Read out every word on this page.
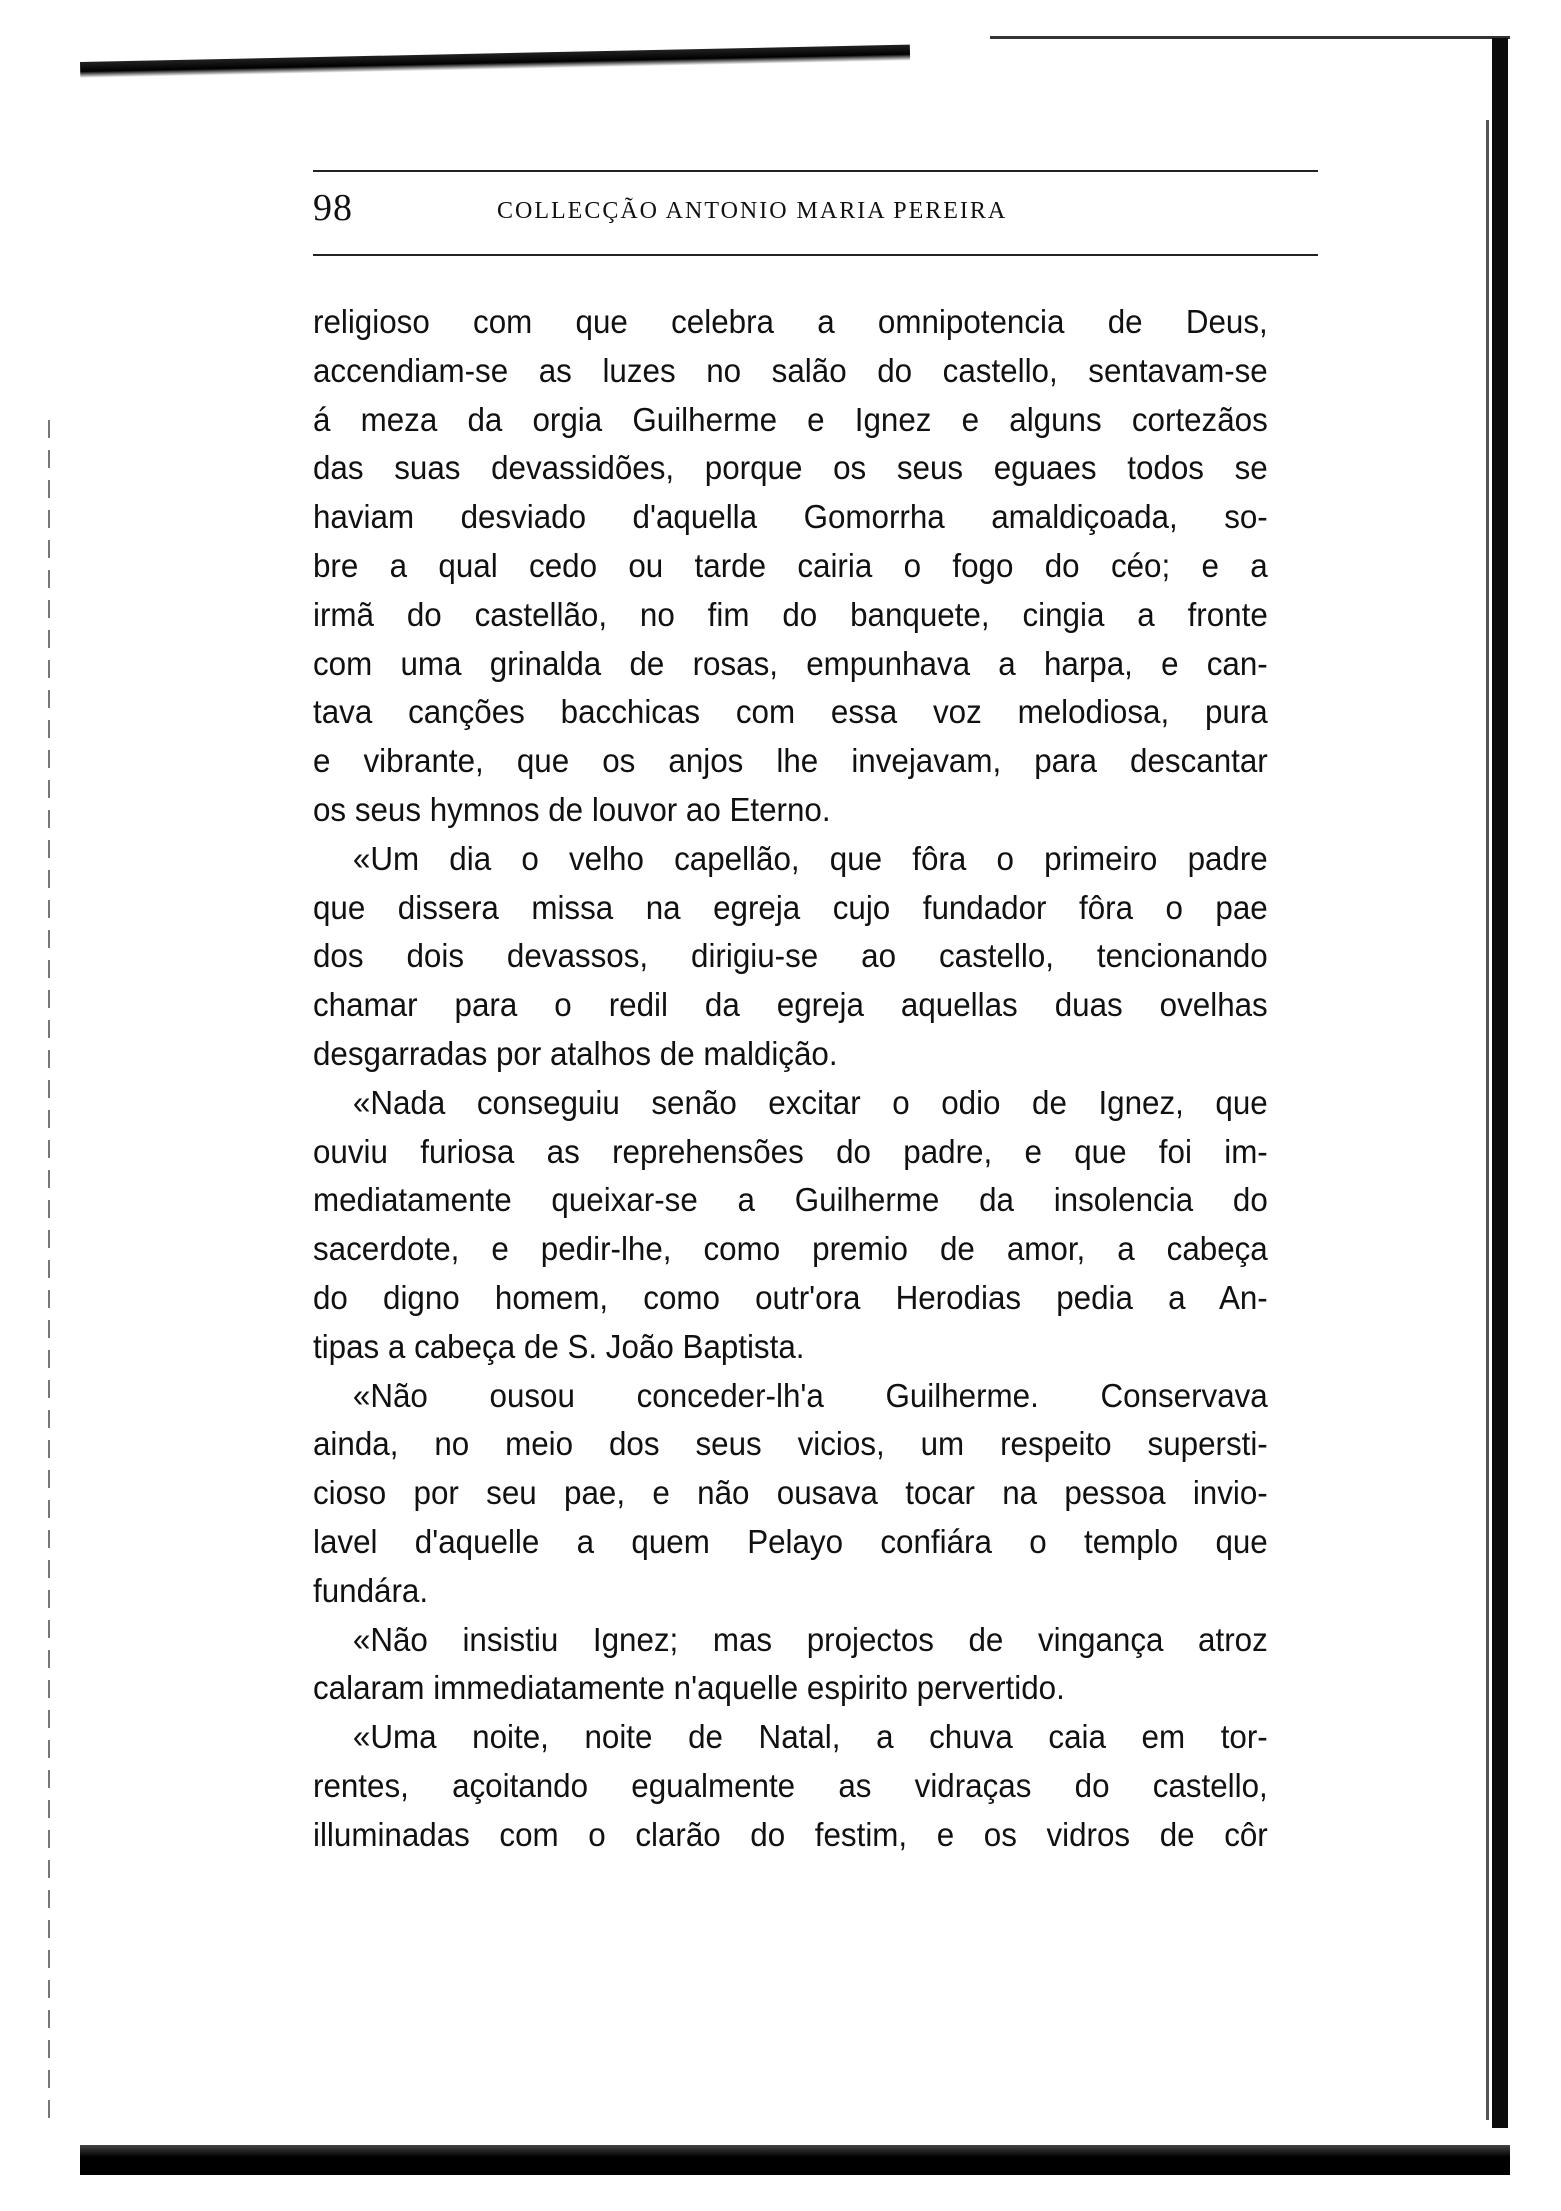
98	COLLECÇÃO ANTONIO MARIA PEREIRA
religioso com que celebra a omnipotencia de Deus,
accendiam-se as luzes no salão do castello, sentavam-se
á meza da orgia Guilherme e Ignez e alguns cortezãos
das suas devassidões, porque os seus eguaes todos se
haviam desviado d'aquella Gomorrha amaldiçoada, so-
bre a qual cedo ou tarde cairia o fogo do céo; e a
irmã do castellão, no fim do banquete, cingia a fronte
com uma grinalda de rosas, empunhava a harpa, e can-
tava canções bacchicas com essa voz melodiosa, pura
e vibrante, que os anjos lhe invejavam, para descantar
os seus hymnos de louvor ao Eterno.
«Um dia o velho capellão, que fôra o primeiro padre
que dissera missa na egreja cujo fundador fôra o pae
dos dois devassos, dirigiu-se ao castello, tencionando
chamar para o redil da egreja aquellas duas ovelhas
desgarradas por atalhos de maldição.
«Nada conseguiu senão excitar o odio de Ignez, que
ouviu furiosa as reprehensões do padre, e que foi im-
mediatamente queixar-se a Guilherme da insolencia do
sacerdote, e pedir-lhe, como premio de amor, a cabeça
do digno homem, como outr'ora Herodias pedia a An-
tipas a cabeça de S. João Baptista.
«Não ousou conceder-lh'a Guilherme. Conservava
ainda, no meio dos seus vicios, um respeito supersti-
cioso por seu pae, e não ousava tocar na pessoa invio-
lavel d'aquelle a quem Pelayo confiára o templo que
fundára.
«Não insistiu Ignez; mas projectos de vingança atroz
calaram immediatamente n'aquelle espirito pervertido.
«Uma noite, noite de Natal, a chuva caia em tor-
rentes, açoitando egualmente as vidraças do castello,
illuminadas com o clarão do festim, e os vidros de côr
